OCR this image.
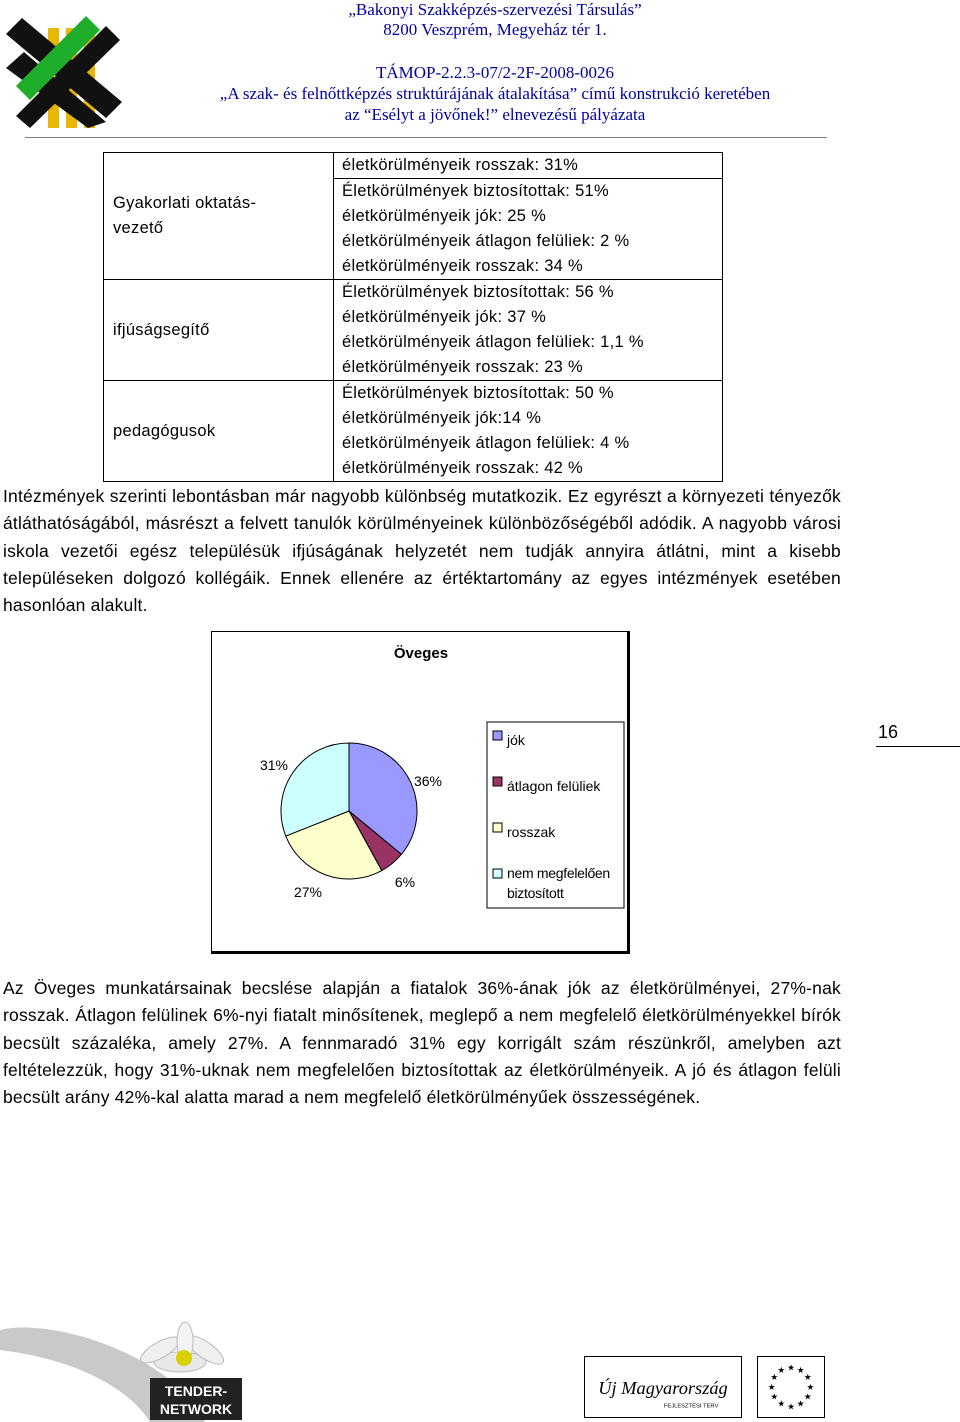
„Bakonyi Szakképzés-szervezési Társulás”
8200 Veszprém, Megyeház tér 1.
TÁMOP-2.2.3-07/2-2F-2008-0026
„A szak- és felnőttképzés struktúrájának átalakítása” című konstrukció keretében
az “Esélyt a jövőnek!” elnevezésű pályázata
Gyakorlati oktatás-
vezető	életkörülményeik rosszak: 31%
	Életkörülmények biztosítottak: 51%
	életkörülményeik jók: 25 %
	életkörülményeik átlagon felüliek: 2 %
	életkörülményeik rosszak: 34 %
ifjúságsegítő	Életkörülmények biztosítottak: 56 %
	életkörülményeik jók: 37 %
	életkörülményeik átlagon felüliek: 1,1 %
	életkörülményeik rosszak: 23 %
pedagógusok	Életkörülmények biztosítottak: 50 %
	életkörülményeik jók:14 %
	életkörülményeik átlagon felüliek: 4 %
	életkörülményeik rosszak: 42 %
Intézmények szerinti lebontásban már nagyobb különbség mutatkozik. Ez egyrészt a környezeti tényezők átláthatóságából, másrészt a felvett tanulók körülményeinek különbözőségéből adódik. A nagyobb városi iskola vezetői egész településük ifjúságának helyzetét nem tudják annyira átlátni, mint a kisebb településeken dolgozó kollégáik. Ennek ellenére az értéktartomány az egyes intézmények esetében hasonlóan alakult.
Öveges
36%
6%
27%
31%
jók
átlagon felüliek
rosszak
nem megfelelően
biztosított
16
Az Öveges munkatársainak becslése alapján a fiatalok 36%-ának jók az életkörülményei, 27%-nak rosszak. Átlagon felülinek 6%-nyi fiatalt minősítenek, meglepő a nem megfelelő életkörülményekkel bírók becsült százaléka, amely 27%. A fennmaradó 31% egy korrigált szám részünkről, amelyben azt feltételezzük, hogy 31%-uknak nem megfelelően biztosítottak az életkörülményeik. A jó és átlagon felüli becsült arány 42%-kal alatta marad a nem megfelelő életkörülményűek összességének.
TENDER-
NETWORK
Új Magyarország
FEJLESZTÉSI TERV
★ ★
★
★
★
★
★
★
★
★
★
★
